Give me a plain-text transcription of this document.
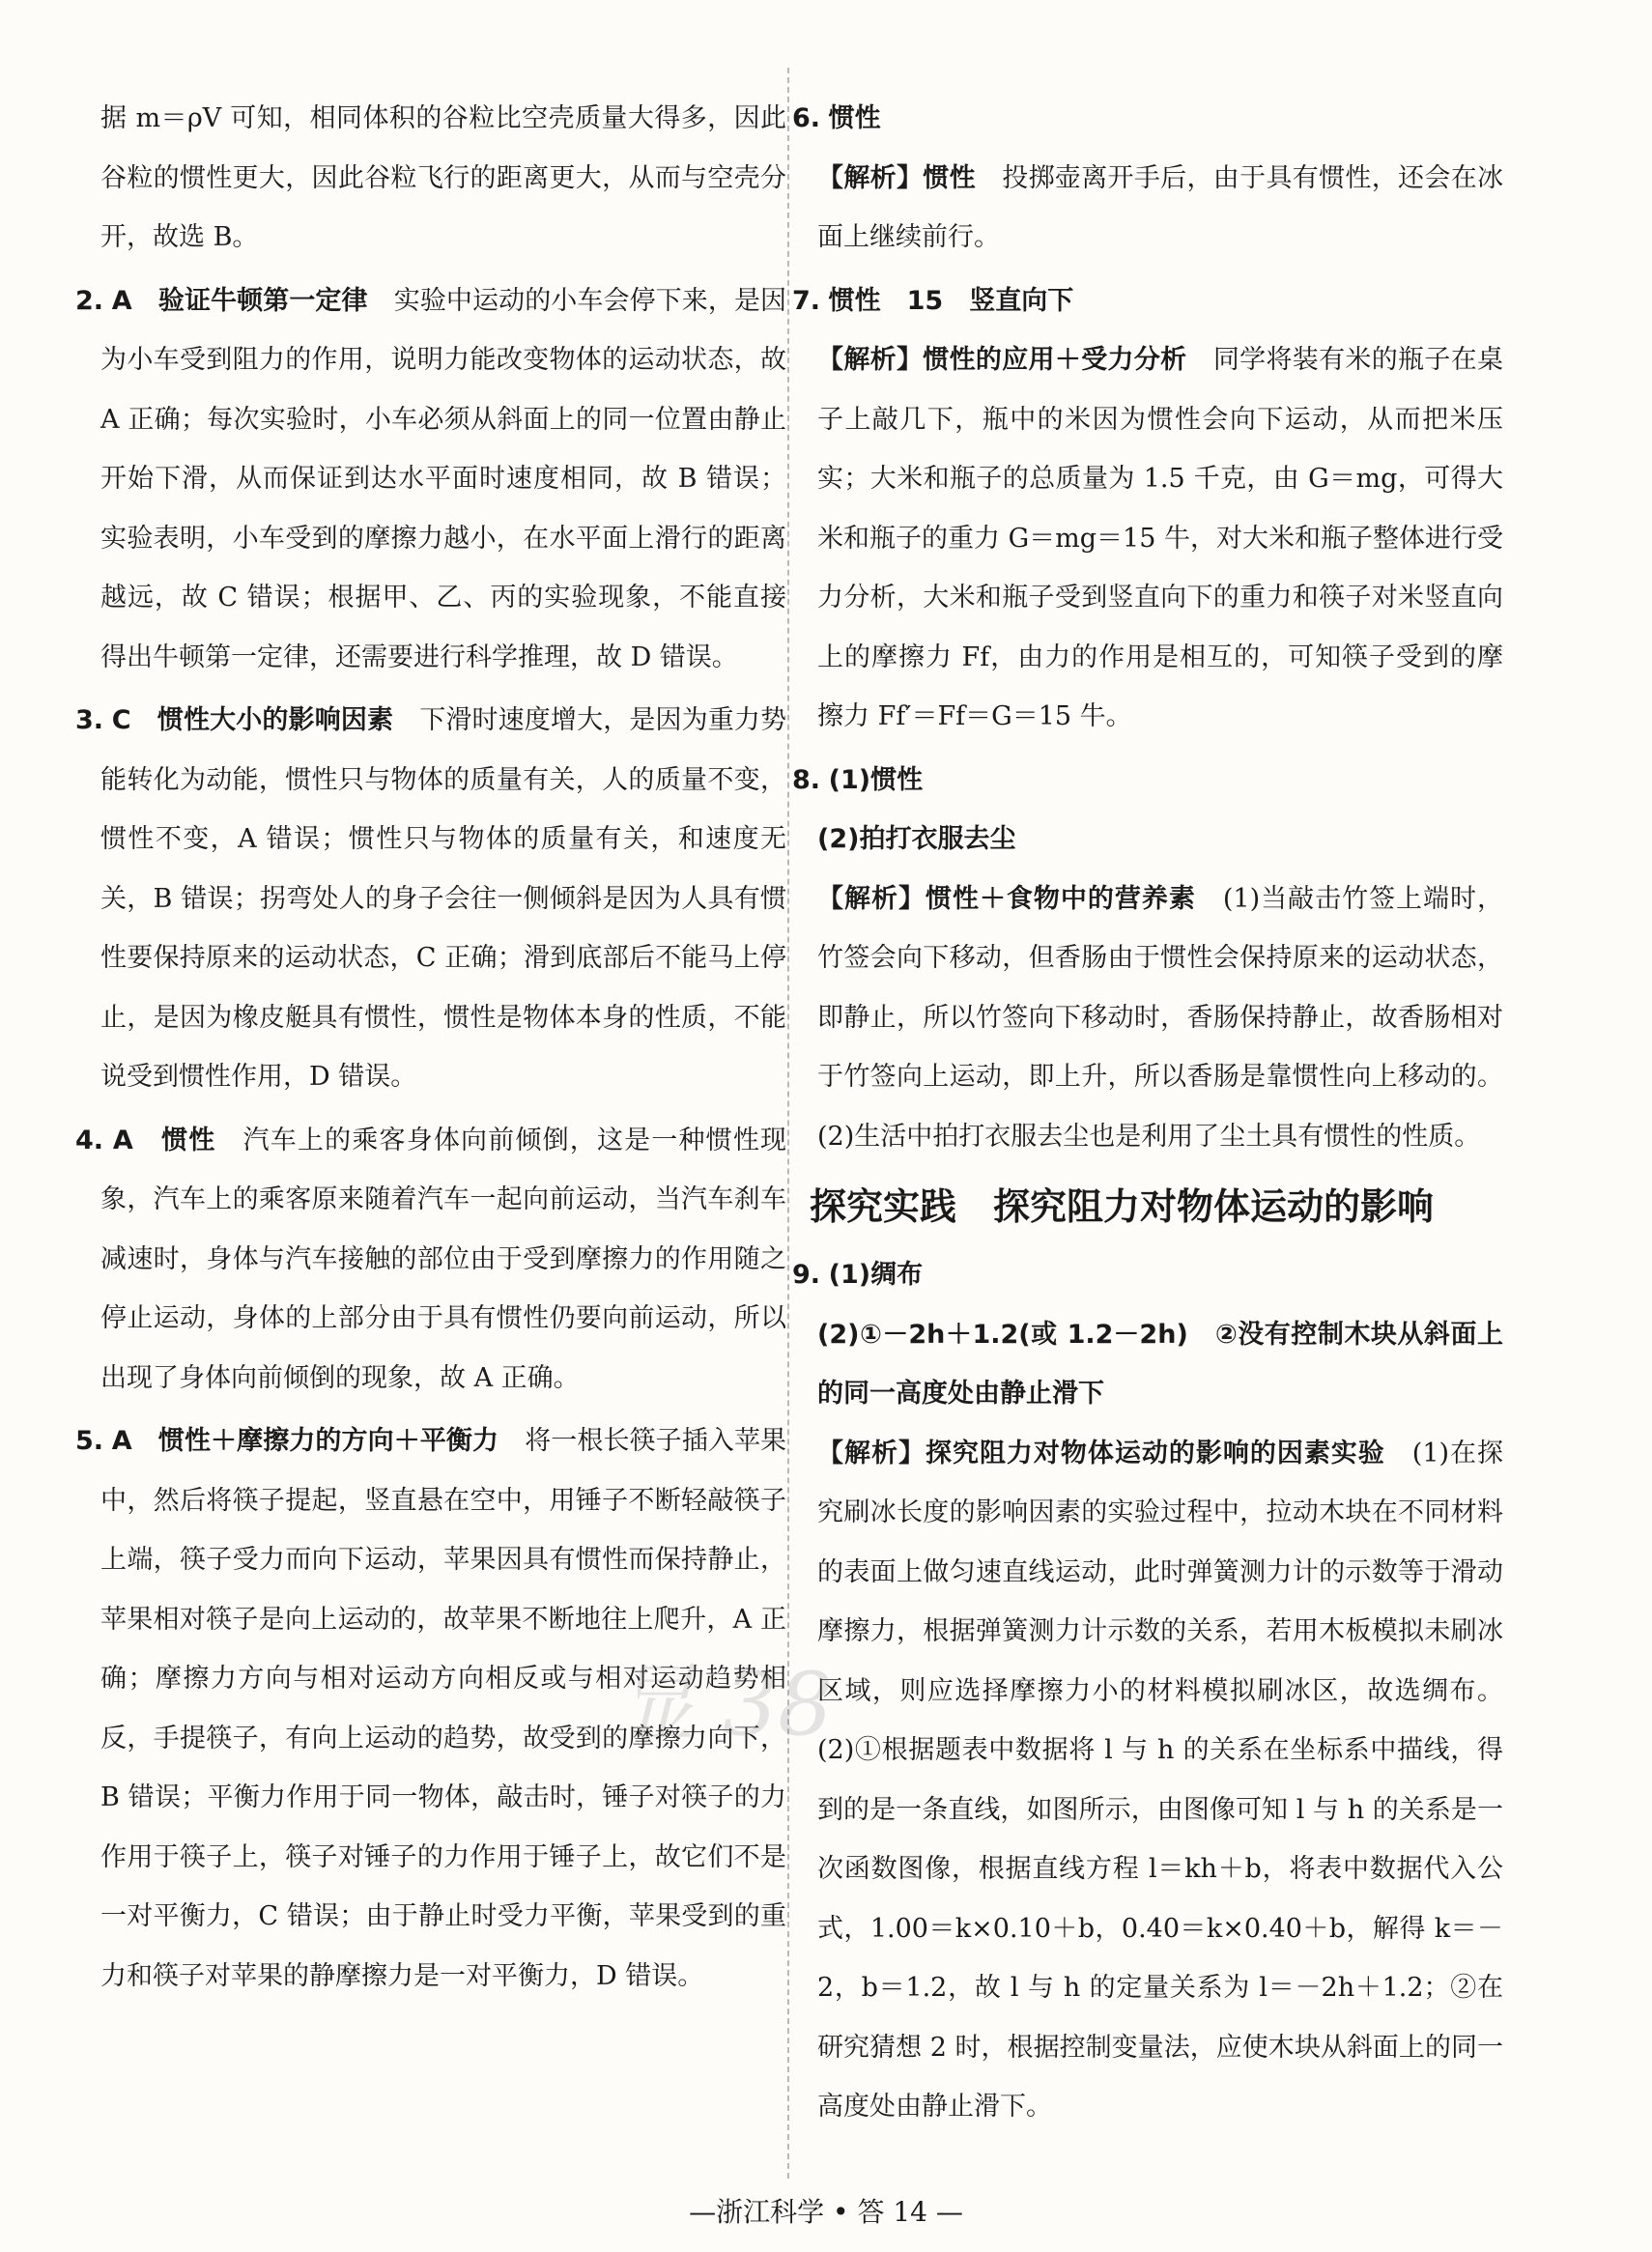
据 m＝ρV 可知，相同体积的谷粒比空壳质量大得多，因此谷粒的惯性更大，因此谷粒飞行的距离更大，从而与空壳分开，故选 B。

2. A　 验证牛顿第一定律　 实验中运动的小车会停下来，是因为小车受到阻力的作用，说明力能改变物体的运动状态，故 A 正确；每次实验时，小车必须从斜面上的同一位置由静止开始下滑，从而保证到达水平面时速度相同，故 B 错误；实验表明，小车受到的摩擦力越小，在水平面上滑行的距离越远，故 C 错误；根据甲、乙、丙的实验现象，不能直接得出牛顿第一定律，还需要进行科学推理，故 D 错误。

3. C　 惯性大小的影响因素　 下滑时速度增大，是因为重力势能转化为动能，惯性只与物体的质量有关，人的质量不变，惯性不变，A 错误；惯性只与物体的质量有关，和速度无关，B 错误；拐弯处人的身子会往一侧倾斜是因为人具有惯性要保持原来的运动状态，C 正确；滑到底部后不能马上停止，是因为橡皮艇具有惯性，惯性是物体本身的性质，不能说受到惯性作用，D 错误。

4. A　 惯性　 汽车上的乘客身体向前倾倒，这是一种惯性现象，汽车上的乘客原来随着汽车一起向前运动，当汽车刹车减速时，身体与汽车接触的部位由于受到摩擦力的作用随之停止运动，身体的上部分由于具有惯性仍要向前运动，所以出现了身体向前倾倒的现象，故 A 正确。

5. A　 惯性＋摩擦力的方向＋平衡力　 将一根长筷子插入苹果中，然后将筷子提起，竖直悬在空中，用锤子不断轻敲筷子上端，筷子受力而向下运动，苹果因具有惯性而保持静止，苹果相对筷子是向上运动的，故苹果不断地往上爬升，A 正确；摩擦力方向与相对运动方向相反或与相对运动趋势相反，手提筷子，有向上运动的趋势，故受到的摩擦力向下，B 错误；平衡力作用于同一物体，敲击时，锤子对筷子的力作用于筷子上，筷子对锤子的力作用于锤子上，故它们不是一对平衡力，C 错误；由于静止时受力平衡，苹果受到的重力和筷子对苹果的静摩擦力是一对平衡力，D 错误。

6. 惯性

【解析】惯性　 投掷壶离开手后，由于具有惯性，还会在冰面上继续前行。

7. 惯性　15　竖直向下

【解析】惯性的应用＋受力分析　 同学将装有米的瓶子在桌子上敲几下，瓶中的米因为惯性会向下运动，从而把米压实；大米和瓶子的总质量为 1.5 千克，由 G＝mg，可得大米和瓶子的重力 G＝mg＝15 牛，对大米和瓶子整体进行受力分析，大米和瓶子受到竖直向下的重力和筷子对米竖直向上的摩擦力 Ff，由力的作用是相互的，可知筷子受到的摩擦力 Ff′＝Ff＝G＝15 牛。

8. (1)惯性

(2)拍打衣服去尘

【解析】惯性＋食物中的营养素　 (1)当敲击竹签上端时，竹签会向下移动，但香肠由于惯性会保持原来的运动状态，即静止，所以竹签向下移动时，香肠保持静止，故香肠相对于竹签向上运动，即上升，所以香肠是靠惯性向上移动的。(2)生活中拍打衣服去尘也是利用了尘土具有惯性的性质。

探究实践　探究阻力对物体运动的影响

9. (1)绸布

(2)①－2h＋1.2(或 1.2－2h)　②没有控制木块从斜面上的同一高度处由静止滑下

【解析】探究阻力对物体运动的影响的因素实验　 (1)在探究刷冰长度的影响因素的实验过程中，拉动木块在不同材料的表面上做匀速直线运动，此时弹簧测力计的示数等于滑动摩擦力，根据弹簧测力计示数的关系，若用木板模拟未刷冰区域，则应选择摩擦力小的材料模拟刷冰区，故选绸布。(2)①根据题表中数据将 l 与 h 的关系在坐标系中描线，得到的是一条直线，如图所示，由图像可知 l 与 h 的关系是一次函数图像，根据直线方程 l＝kh＋b，将表中数据代入公式，1.00＝k×0.10＋b，0.40＝k×0.40＋b，解得 k＝－2，b＝1.2，故 l 与 h 的定量关系为 l＝－2h＋1.2；②在研究猜想 2 时，根据控制变量法，应使木块从斜面上的同一高度处由静止滑下。

38
—浙江科学 • 答 14 —
